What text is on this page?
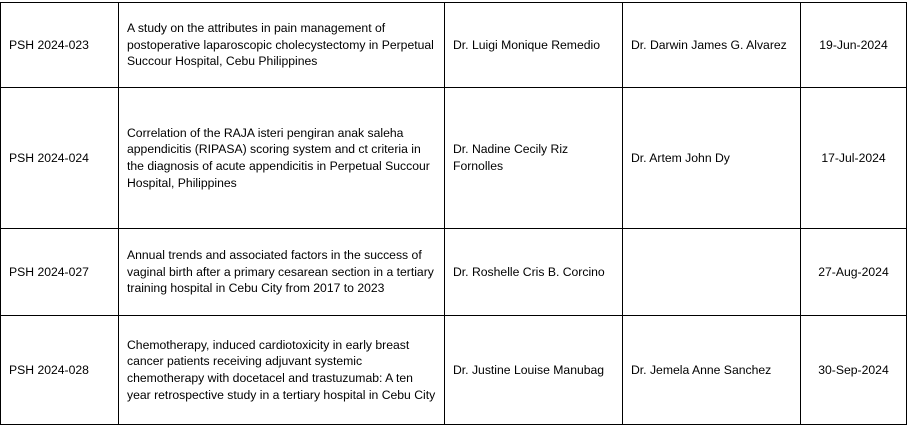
PSH 2024-023	A study on the attributes in pain management of postoperative laparoscopic cholecystectomy in Perpetual Succour Hospital, Cebu Philippines	Dr. Luigi Monique Remedio	Dr. Darwin James G. Alvarez	19-Jun-2024
PSH 2024-024	Correlation of the RAJA isteri pengiran anak saleha appendicitis (RIPASA) scoring system and ct criteria in the diagnosis of acute appendicitis in Perpetual Succour Hospital, Philippines	Dr. Nadine Cecily Riz Fornolles	Dr. Artem John Dy	17-Jul-2024
PSH 2024-027	Annual trends and associated factors in the success of vaginal birth after a primary cesarean section in a tertiary training hospital in Cebu City from 2017 to 2023	Dr. Roshelle Cris B. Corcino		27-Aug-2024
PSH 2024-028	Chemotherapy, induced cardiotoxicity in early breast cancer patients receiving adjuvant systemic chemotherapy with docetacel and trastuzumab: A ten year retrospective study in a tertiary hospital in Cebu City	Dr. Justine Louise Manubag	Dr. Jemela Anne Sanchez	30-Sep-2024
